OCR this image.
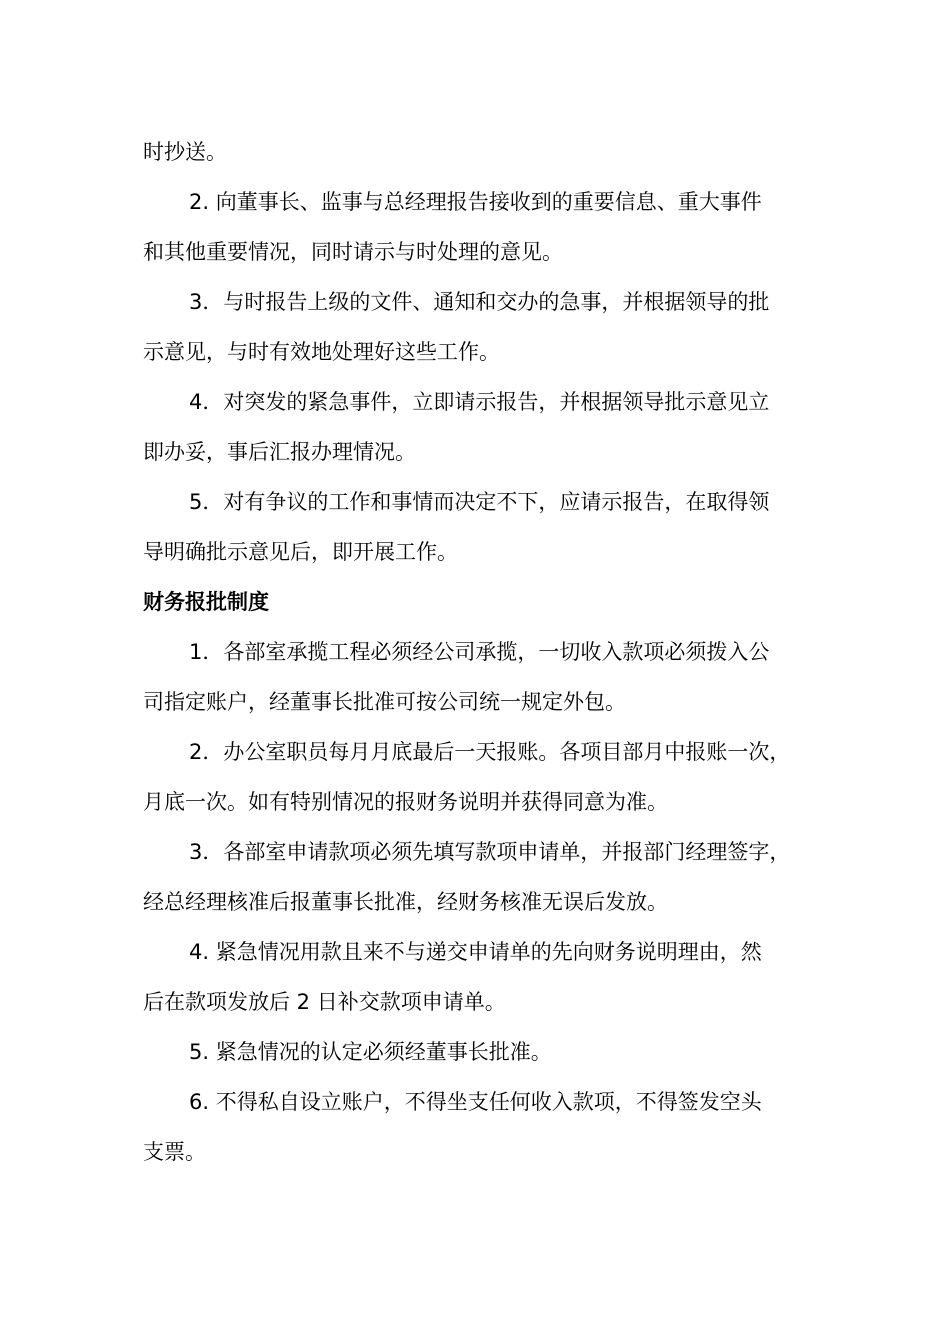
时抄送。
2. 向董事长、监事与总经理报告接收到的重要信息、重大事件
和其他重要情况，同时请示与时处理的意见。
3．与时报告上级的文件、通知和交办的急事，并根据领导的批
示意见，与时有效地处理好这些工作。
4．对突发的紧急事件，立即请示报告，并根据领导批示意见立
即办妥，事后汇报办理情况。
5．对有争议的工作和事情而决定不下，应请示报告，在取得领
导明确批示意见后，即开展工作。
财务报批制度
1．各部室承揽工程必须经公司承揽，一切收入款项必须拨入公
司指定账户，经董事长批准可按公司统一规定外包。
2．办公室职员每月月底最后一天报账。各项目部月中报账一次，
月底一次。如有特别情况的报财务说明并获得同意为准。
3．各部室申请款项必须先填写款项申请单，并报部门经理签字，
经总经理核准后报董事长批准，经财务核准无误后发放。
4. 紧急情况用款且来不与递交申请单的先向财务说明理由，然
后在款项发放后 2 日补交款项申请单。
5. 紧急情况的认定必须经董事长批准。
6. 不得私自设立账户，不得坐支任何收入款项，不得签发空头
支票。
